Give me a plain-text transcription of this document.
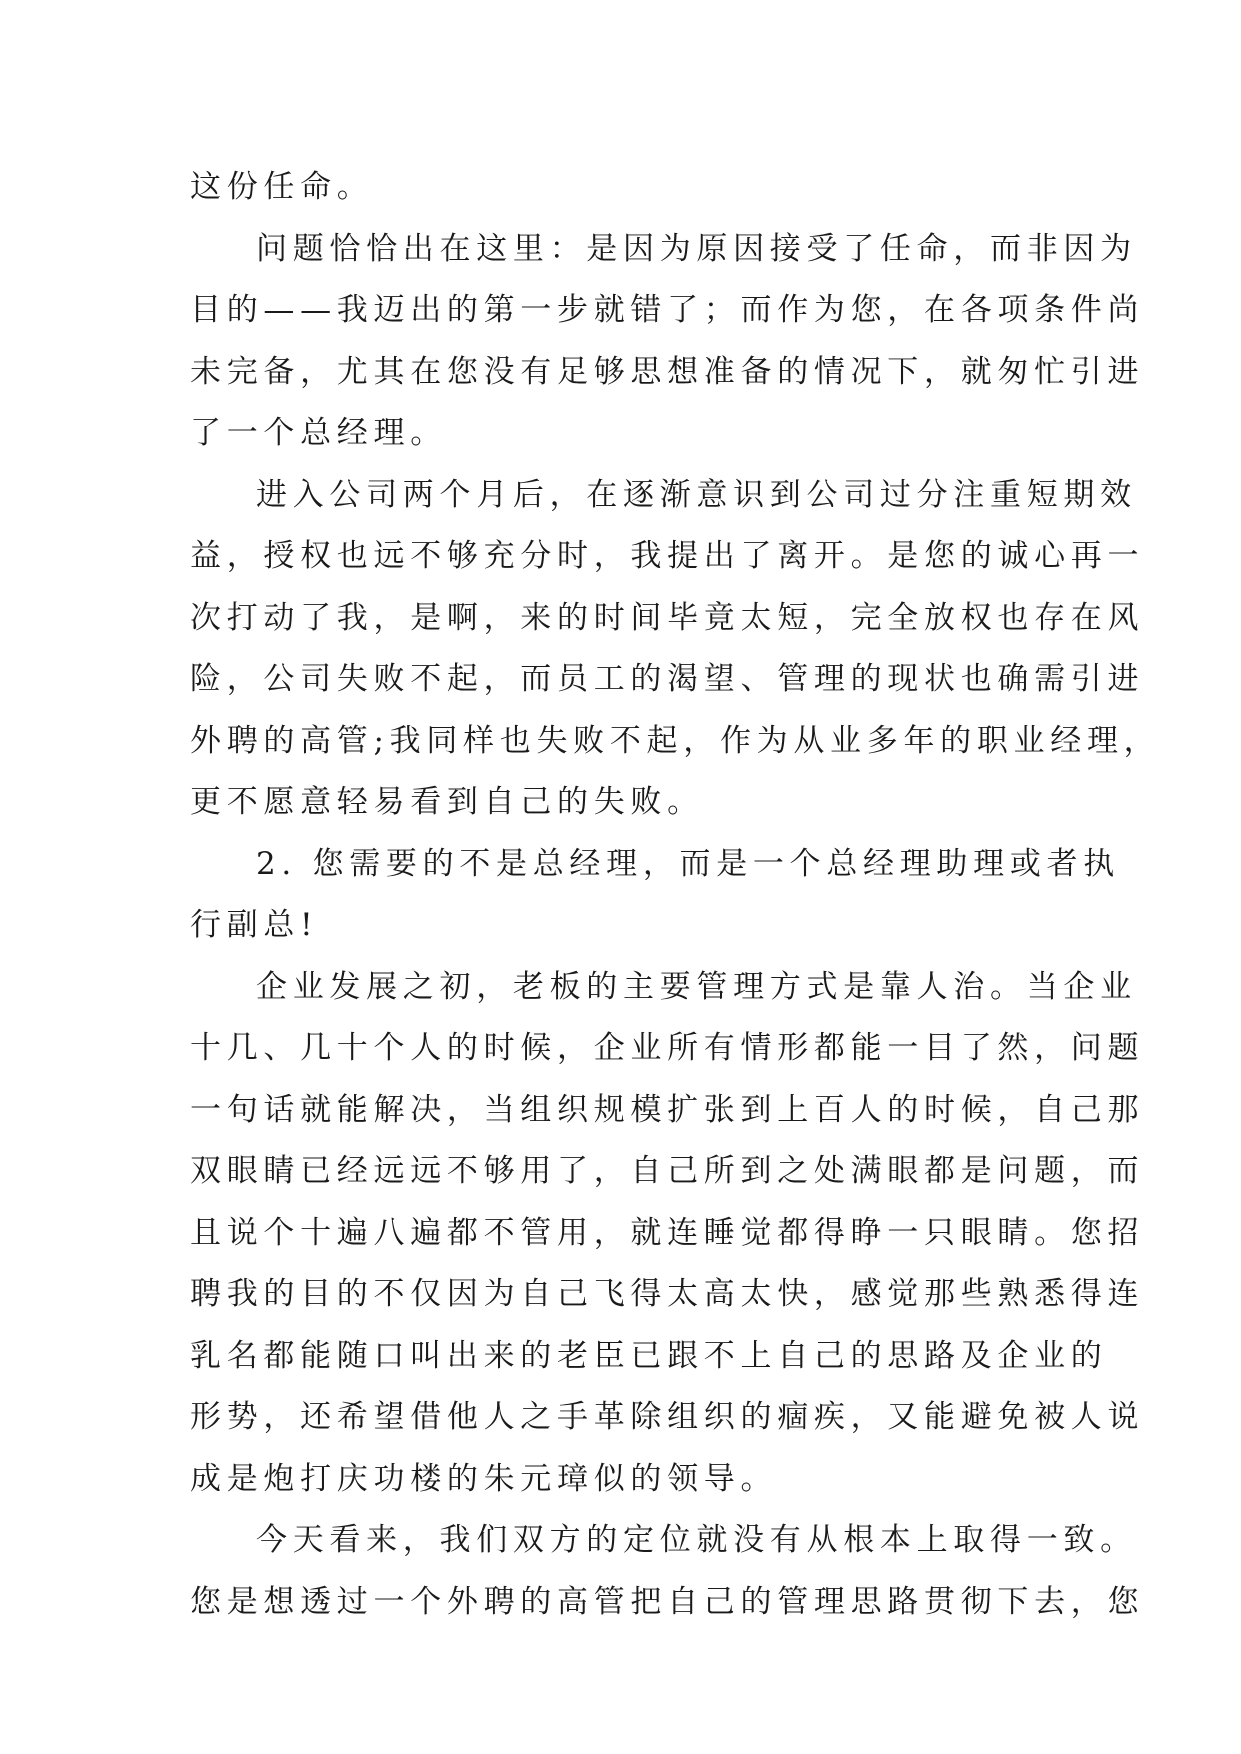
这份任命。
问题恰恰出在这里：是因为原因接受了任命，而非因为
目的——我迈出的第一步就错了；而作为您，在各项条件尚
未完备，尤其在您没有足够思想准备的情况下，就匆忙引进
了一个总经理。
进入公司两个月后，在逐渐意识到公司过分注重短期效
益，授权也远不够充分时，我提出了离开。是您的诚心再一
次打动了我，是啊，来的时间毕竟太短，完全放权也存在风
险，公司失败不起，而员工的渴望、管理的现状也确需引进
外聘的高管;我同样也失败不起，作为从业多年的职业经理，
更不愿意轻易看到自己的失败。
2. 您需要的不是总经理，而是一个总经理助理或者执
行副总!
企业发展之初，老板的主要管理方式是靠人治。当企业
十几、几十个人的时候，企业所有情形都能一目了然，问题
一句话就能解决，当组织规模扩张到上百人的时候，自己那
双眼睛已经远远不够用了，自己所到之处满眼都是问题，而
且说个十遍八遍都不管用，就连睡觉都得睁一只眼睛。您招
聘我的目的不仅因为自己飞得太高太快，感觉那些熟悉得连
乳名都能随口叫出来的老臣已跟不上自己的思路及企业的
形势，还希望借他人之手革除组织的痼疾，又能避免被人说
成是炮打庆功楼的朱元璋似的领导。
今天看来，我们双方的定位就没有从根本上取得一致。
您是想透过一个外聘的高管把自己的管理思路贯彻下去，您
